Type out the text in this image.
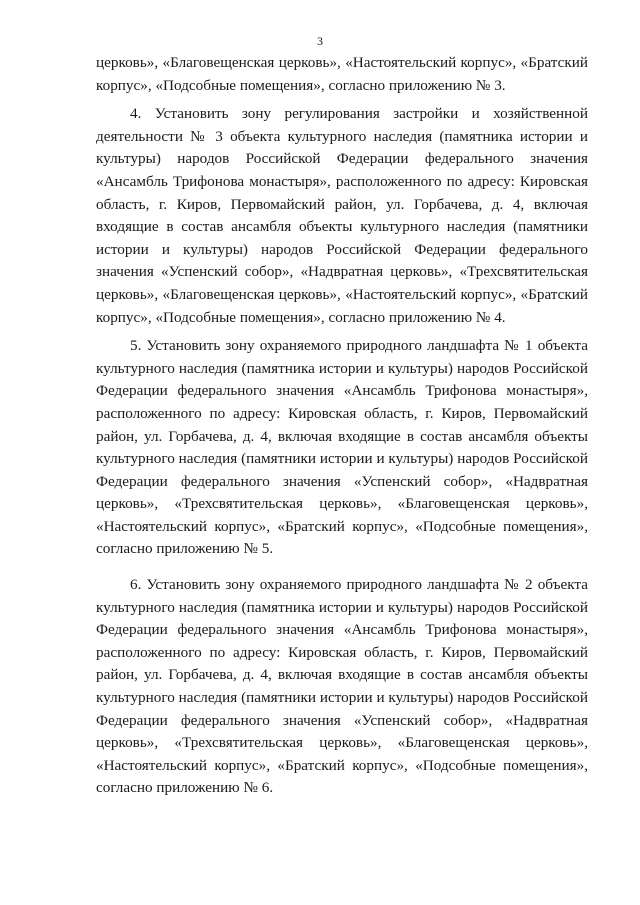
3

церковь», «Благовещенская церковь», «Настоятельский корпус», «Братский корпус», «Подсобные помещения», согласно приложению № 3.

4. Установить зону регулирования застройки и хозяйственной деятельности № 3 объекта культурного наследия (памятника истории и культуры) народов Российской Федерации федерального значения «Ансамбль Трифонова монастыря», расположенного по адресу: Кировская область, г. Киров, Первомайский район, ул. Горбачева, д. 4, включая входящие в состав ансамбля объекты культурного наследия (памятники истории и культуры) народов Российской Федерации федерального значения «Успенский собор», «Надвратная церковь», «Трехсвятительская церковь», «Благовещенская церковь», «Настоятельский корпус», «Братский корпус», «Подсобные помещения», согласно приложению № 4.

5. Установить зону охраняемого природного ландшафта № 1 объекта культурного наследия (памятника истории и культуры) народов Российской Федерации федерального значения «Ансамбль Трифонова монастыря», расположенного по адресу: Кировская область, г. Киров, Первомайский район, ул. Горбачева, д. 4, включая входящие в состав ансамбля объекты культурного наследия (памятники истории и культуры) народов Российской Федерации федерального значения «Успенский собор», «Надвратная церковь», «Трехсвятительская церковь», «Благовещенская церковь», «Настоятельский корпус», «Братский корпус», «Подсобные помещения», согласно приложению № 5.

6. Установить зону охраняемого природного ландшафта № 2 объекта культурного наследия (памятника истории и культуры) народов Российской Федерации федерального значения «Ансамбль Трифонова монастыря», расположенного по адресу: Кировская область, г. Киров, Первомайский район, ул. Горбачева, д. 4, включая входящие в состав ансамбля объекты культурного наследия (памятники истории и культуры) народов Российской Федерации федерального значения «Успенский собор», «Надвратная церковь», «Трехсвятительская церковь», «Благовещенская церковь», «Настоятельский корпус», «Братский корпус», «Подсобные помещения», согласно приложению № 6.
